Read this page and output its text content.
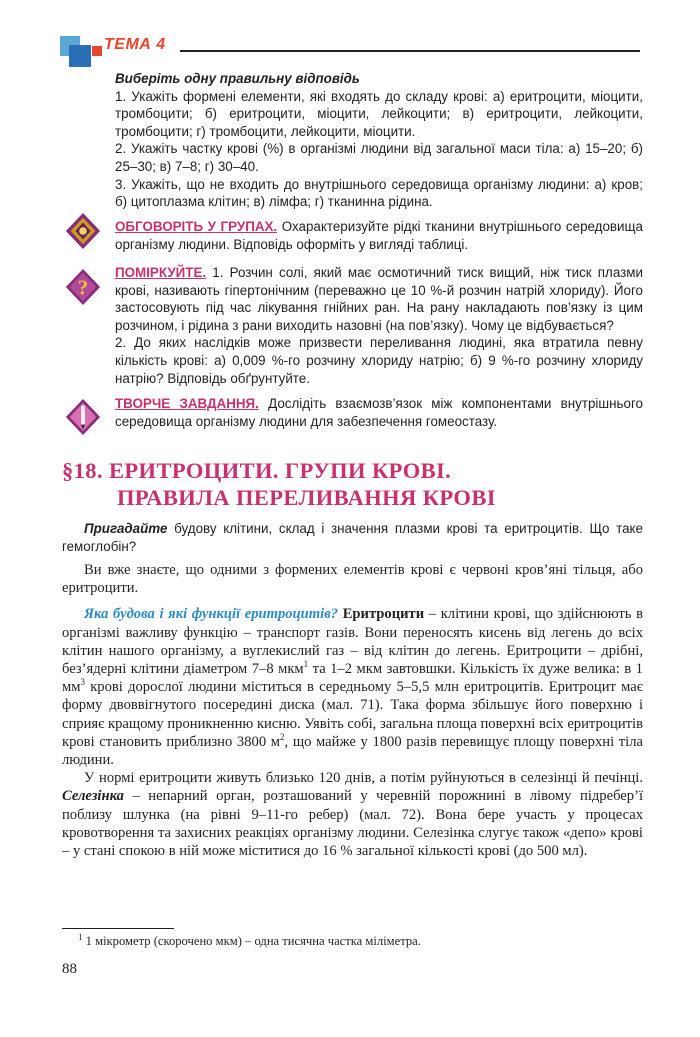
ТЕМА 4

Виберіть одну правильну відповідь

1. Укажіть формені елементи, які входять до складу крові: а) еритроцити, міоцити, тромбоцити; б) еритроцити, міоцити, лейкоцити; в) еритроцити, лейкоцити, тромбоцити; г) тромбоцити, лейкоцити, міоцити.

2. Укажіть частку крові (%) в організмі людини від загальної маси тіла: а) 15–20; б) 25–30; в) 7–8; г) 30–40.

3. Укажіть, що не входить до внутрішнього середовища організму людини: а) кров; б) цитоплазма клітин; в) лімфа; г) тканинна рідина.

ОБГОВОРІТЬ У ГРУПАХ. Охарактеризуйте рідкі тканини внутрішнього середовища організму людини. Відповідь оформіть у вигляді таблиці.

?

ПОМІРКУЙТЕ. 1. Розчин солі, який має осмотичний тиск вищий, ніж тиск плазми крові, називають гіпертонічним (переважно це 10 %-й розчин натрій хлориду). Його застосовують під час лікування гнійних ран. На рану накладають пов’язку із цим розчином, і рідина з рани виходить назовні (на пов’язку). Чому це відбувається?

2. До яких наслідків може призвести переливання людині, яка втратила певну кількість крові: а) 0,009 %-го розчину хлориду натрію; б) 9 %-го розчину хлориду натрію? Відповідь обґрунтуйте.

ТВОРЧЕ ЗАВДАННЯ. Дослідіть взаємозв’язок між компонентами внутрішнього середовища організму людини для забезпечення гомеостазу.

§18. ЕРИТРОЦИТИ. ГРУПИ КРОВІ.
ПРАВИЛА ПЕРЕЛИВАННЯ КРОВІ

Пригадайте будову клітини, склад і значення плазми крові та еритроцитів. Що таке гемоглобін?

Ви вже знаєте, що одними з формених елементів крові є червоні кров’яні тільця, або еритроцити.

Яка будова і які функції еритроцитів? Еритроцити – клітини крові, що здійснюють в організмі важливу функцію – транспорт газів. Вони переносять кисень від легень до всіх клітин нашого організму, а вуглекислий газ – від клітин до легень. Еритроцити – дрібні, без’ядерні клітини діаметром 7–8 мкм$^1$ та 1–2 мкм завтовшки. Кількість їх дуже велика: в 1 $мм^3$ крові дорослої людини міститься в середньому 5–5,5 млн еритроцитів. Еритроцит має форму двоввігнутого посередині диска (мал. 71). Така форма збільшує його поверхню і сприяє кращому проникненню кисню. Уявіть собі, загальна площа поверхні всіх еритроцитів крові становить приблизно 3800 $м^2$, що майже у 1800 разів перевищує площу поверхні тіла людини.

У нормі еритроцити живуть близько 120 днів, а потім руйнуються в селезінці й печінці. Селезінка – непарний орган, розташований у черевній порожнині в лівому підребер’ї поблизу шлунка (на рівні 9–11-го ребер) (мал. 72). Вона бере участь у процесах кровотворення та захисних реакціях організму людини. Селезінка слугує також «депо» крові – у стані спокою в ній може міститися до 16 % загальної кількості крові (до 500 мл).

$^1$ 1 мікрометр (скорочено мкм) – одна тисячна частка міліметра.
88
